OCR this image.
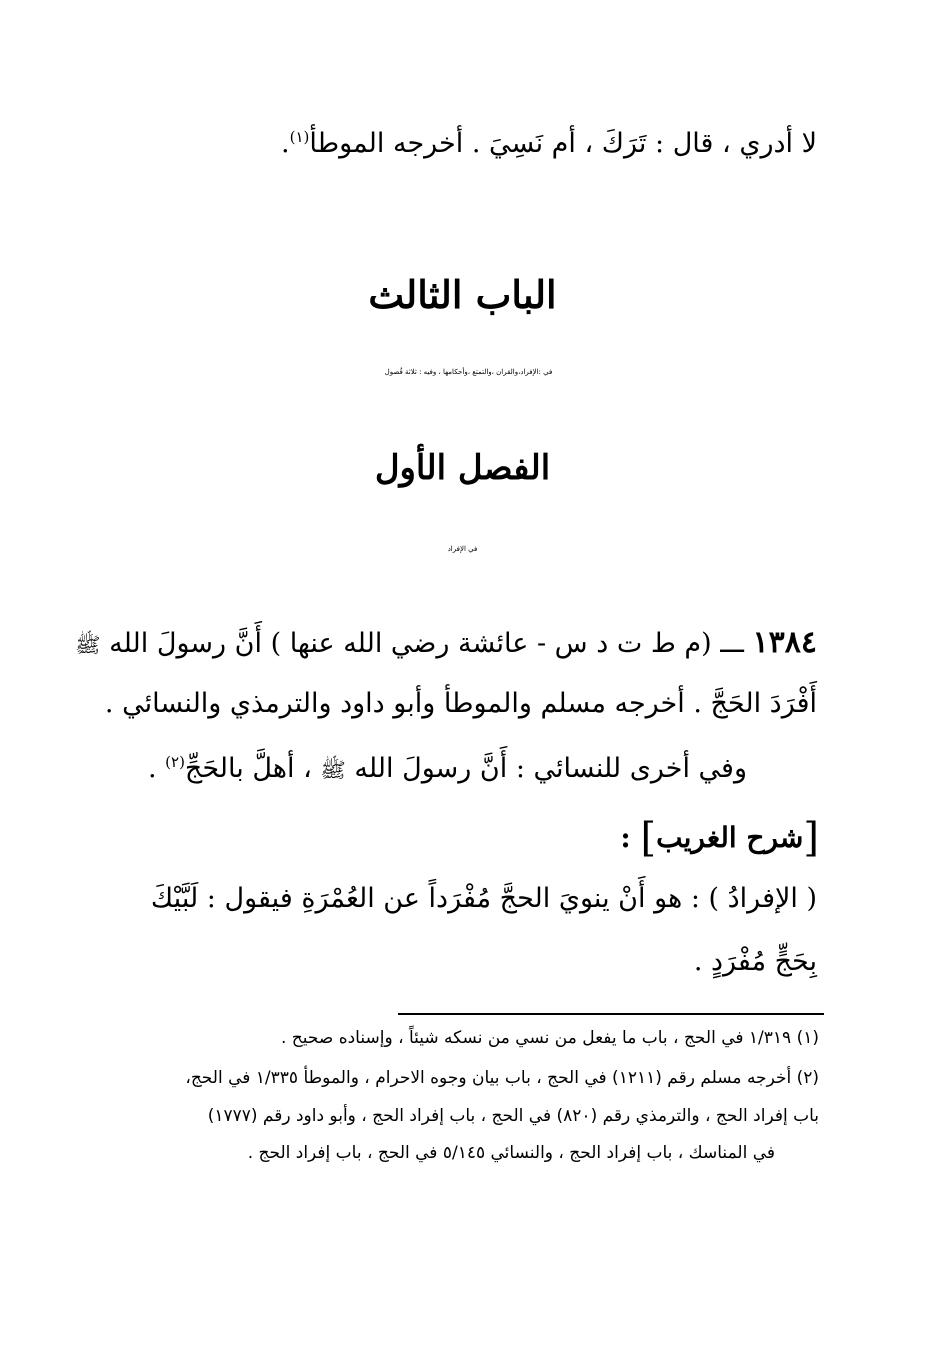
لا أدري ، قال : تَرَكَ ، أم نَسِيَ . أخرجه الموطأ$^{(١)}$.
الباب الثالث
في :الإفراد،والقران ،والتمتع ،وأحكامها ، وفيه : ثلاثة فُصول
الفصل الأول
في الإفراد
١٣٨٤ ـــ (م ط ت د س - عائشة رضي الله عنها ) أَنَّ رسولَ الله ﷺ
أَفْرَدَ الحَجَّ . أخرجه مسلم والموطأ وأبو داود والترمذي والنسائي .
وفي أخرى للنسائي : أَنَّ رسولَ الله ﷺ ، أهلَّ بالحَجِّ$^{(٢)}$ .
[شرح الغريب] :
( الإفرادُ ) : هو أَنْ ينويَ الحجَّ مُفْرَداً عن العُمْرَةِ فيقول : لَبَّيْكَ
بِحَجٍّ مُفْرَدٍ .
(١) ١/٣١٩ في الحج ، باب ما يفعل من نسي من نسكه شيئاً ، وإسناده صحيح .
(٢) أخرجه مسلم رقم (١٢١١) في الحج ، باب بيان وجوه الاحرام ، والموطأ ١/٣٣٥ في الحج،
باب إفراد الحج ، والترمذي رقم (٨٢٠) في الحج ، باب إفراد الحج ، وأبو داود رقم (١٧٧٧)
في المناسك ، باب إفراد الحج ، والنسائي ٥/١٤٥ في الحج ، باب إفراد الحج .
